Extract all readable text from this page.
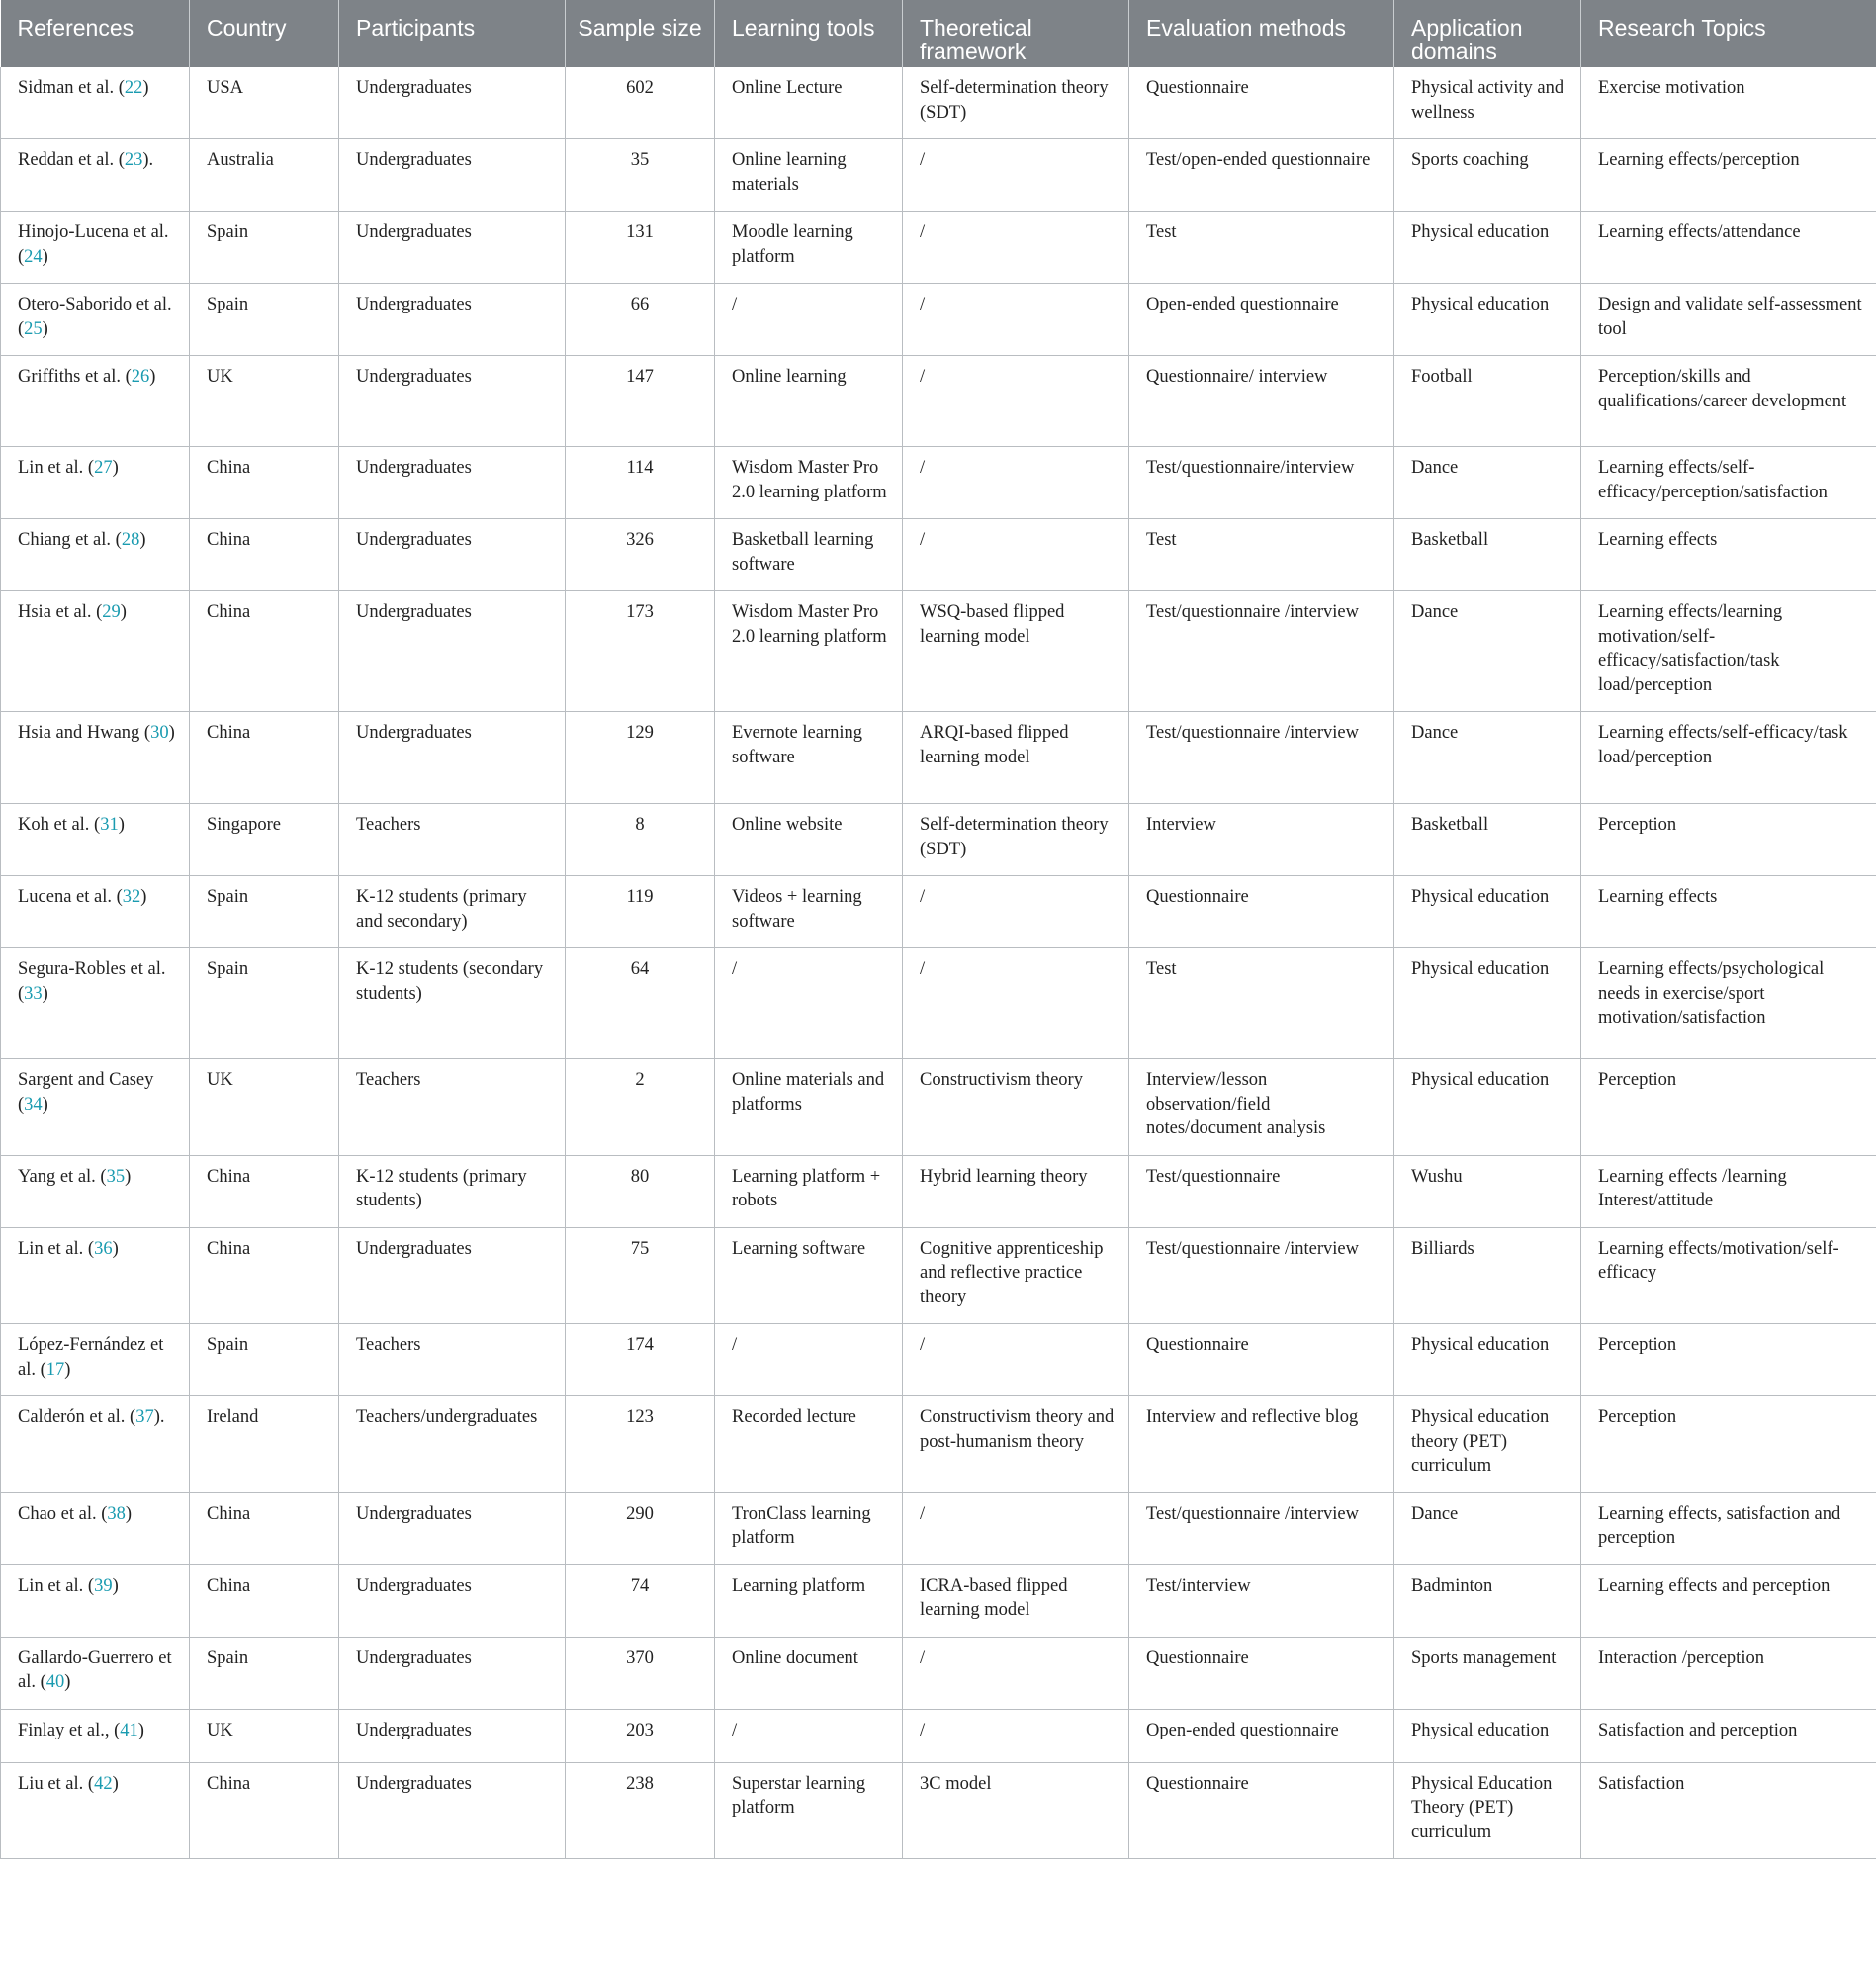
References	Country	Participants	Sample size	Learning tools	Theoretical framework	Evaluation methods	Application domains	Research Topics
Sidman et al. (22)	USA	Undergraduates	602	Online Lecture	Self-determination theory (SDT)	Questionnaire	Physical activity and wellness	Exercise motivation
Reddan et al. (23).	Australia	Undergraduates	35	Online learning materials	/	Test/open-ended questionnaire	Sports coaching	Learning effects/perception
Hinojo-Lucena et al. (24)	Spain	Undergraduates	131	Moodle learning platform	/	Test	Physical education	Learning effects/attendance
Otero-Saborido et al. (25)	Spain	Undergraduates	66	/	/	Open-ended questionnaire	Physical education	Design and validate self-assessment tool
Griffiths et al. (26)	UK	Undergraduates	147	Online learning	/	Questionnaire/ interview	Football	Perception/skills and qualifications/career development
Lin et al. (27)	China	Undergraduates	114	Wisdom Master Pro 2.0 learning platform	/	Test/questionnaire/interview	Dance	Learning effects/self-efficacy/perception/satisfaction
Chiang et al. (28)	China	Undergraduates	326	Basketball learning software	/	Test	Basketball	Learning effects
Hsia et al. (29)	China	Undergraduates	173	Wisdom Master Pro 2.0 learning platform	WSQ-based flipped learning model	Test/questionnaire /interview	Dance	Learning effects/learning motivation/self-efficacy/satisfaction/task load/perception
Hsia and Hwang (30)	China	Undergraduates	129	Evernote learning software	ARQI-based flipped learning model	Test/questionnaire /interview	Dance	Learning effects/self-efficacy/task load/perception
Koh et al. (31)	Singapore	Teachers	8	Online website	Self-determination theory (SDT)	Interview	Basketball	Perception
Lucena et al. (32)	Spain	K-12 students (primary and secondary)	119	Videos + learning software	/	Questionnaire	Physical education	Learning effects
Segura-Robles et al. (33)	Spain	K-12 students (secondary students)	64	/	/	Test	Physical education	Learning effects/psychological needs in exercise/sport motivation/satisfaction
Sargent and Casey (34)	UK	Teachers	2	Online materials and platforms	Constructivism theory	Interview/lesson observation/field notes/document analysis	Physical education	Perception
Yang et al. (35)	China	K-12 students (primary students)	80	Learning platform + robots	Hybrid learning theory	Test/questionnaire	Wushu	Learning effects /learning Interest/attitude
Lin et al. (36)	China	Undergraduates	75	Learning software	Cognitive apprenticeship and reflective practice theory	Test/questionnaire /interview	Billiards	Learning effects/motivation/self-efficacy
López-Fernández et al. (17)	Spain	Teachers	174	/	/	Questionnaire	Physical education	Perception
Calderón et al. (37).	Ireland	Teachers/undergraduates	123	Recorded lecture	Constructivism theory and post-humanism theory	Interview and reflective blog	Physical education theory (PET) curriculum	Perception
Chao et al. (38)	China	Undergraduates	290	TronClass learning platform	/	Test/questionnaire /interview	Dance	Learning effects, satisfaction and perception
Lin et al. (39)	China	Undergraduates	74	Learning platform	ICRA-based flipped learning model	Test/interview	Badminton	Learning effects and perception
Gallardo-Guerrero et al. (40)	Spain	Undergraduates	370	Online document	/	Questionnaire	Sports management	Interaction /perception
Finlay et al., (41)	UK	Undergraduates	203	/	/	Open-ended questionnaire	Physical education	Satisfaction and perception
Liu et al. (42)	China	Undergraduates	238	Superstar learning platform	3C model	Questionnaire	Physical Education Theory (PET) curriculum	Satisfaction
